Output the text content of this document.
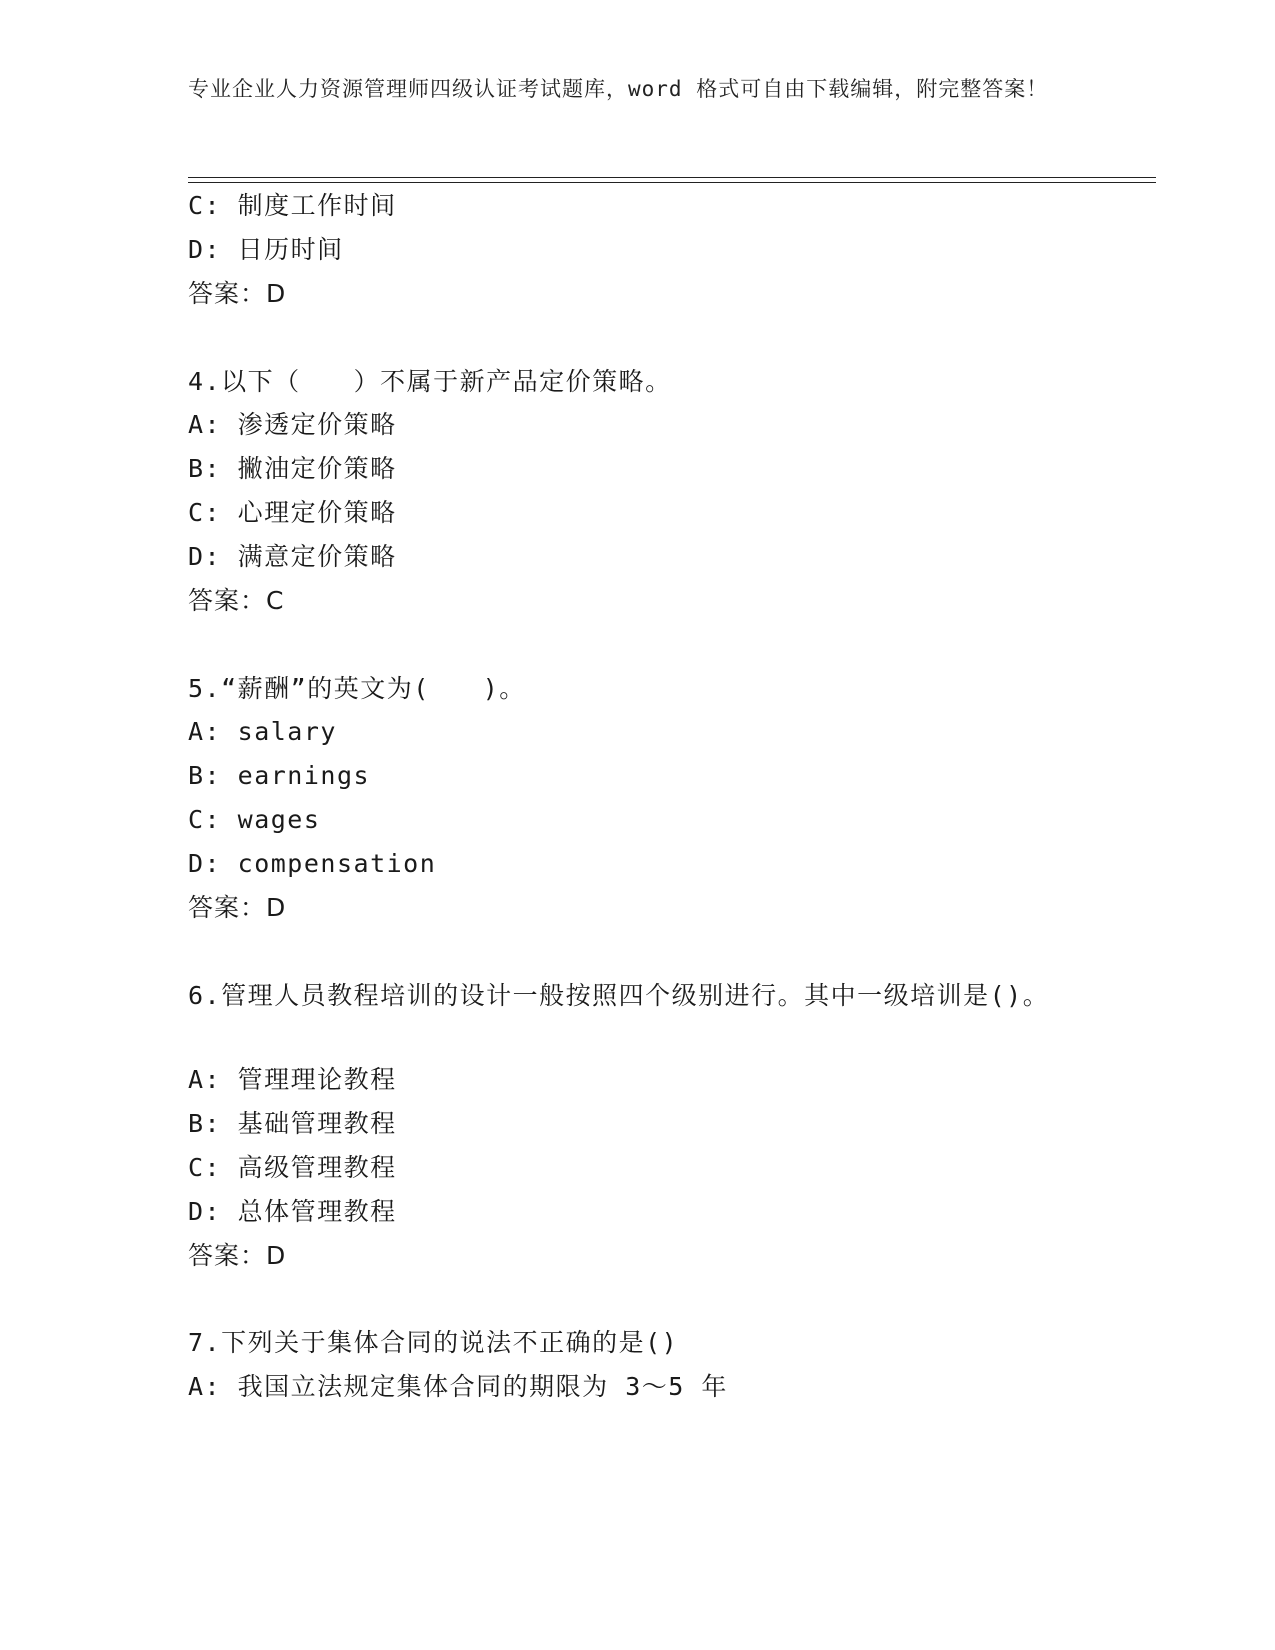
专业企业人力资源管理师四级认证考试题库，word 格式可自由下载编辑，附完整答案！
C: 制度工作时间
D: 日历时间
答案：D
4.以下（　　）不属于新产品定价策略。
A: 渗透定价策略
B: 撇油定价策略
C: 心理定价策略
D: 满意定价策略
答案：C
5.“薪酬”的英文为(　　)。
A: salary
B: earnings
C: wages
D: compensation
答案：D
6.管理人员教程培训的设计一般按照四个级别进行。其中一级培训是()。
A: 管理理论教程
B: 基础管理教程
C: 高级管理教程
D: 总体管理教程
答案：D
7.下列关于集体合同的说法不正确的是()
A: 我国立法规定集体合同的期限为 3～5 年
